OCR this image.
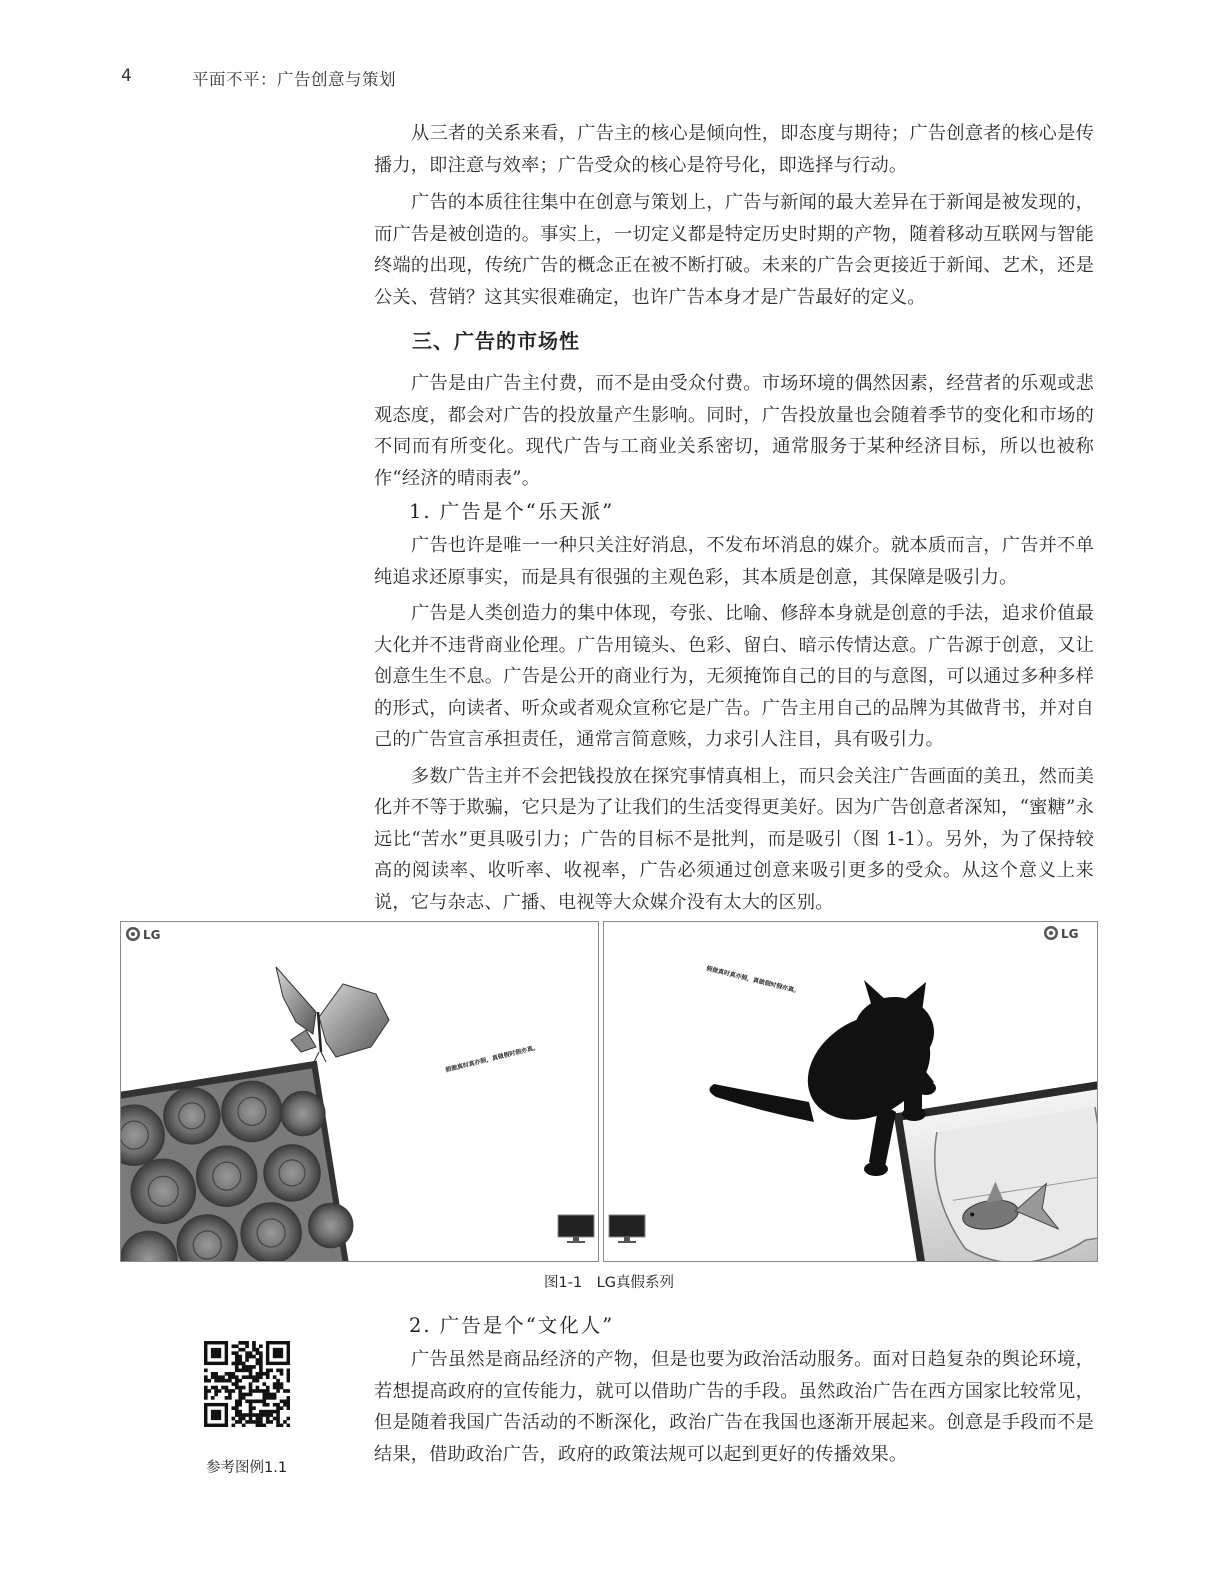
4	平面不平：广告创意与策划

从三者的关系来看，广告主的核心是倾向性，即态度与期待；广告创意者的核心是传播力，即注意与效率；广告受众的核心是符号化，即选择与行动。

广告的本质往往集中在创意与策划上，广告与新闻的最大差异在于新闻是被发现的，而广告是被创造的。事实上，一切定义都是特定历史时期的产物，随着移动互联网与智能终端的出现，传统广告的概念正在被不断打破。未来的广告会更接近于新闻、艺术，还是公关、营销？这其实很难确定，也许广告本身才是广告最好的定义。

三、广告的市场性

广告是由广告主付费，而不是由受众付费。市场环境的偶然因素，经营者的乐观或悲观态度，都会对广告的投放量产生影响。同时，广告投放量也会随着季节的变化和市场的不同而有所变化。现代广告与工商业关系密切，通常服务于某种经济目标，所以也被称作“经济的晴雨表”。

1. 广告是个“乐天派”

广告也许是唯一一种只关注好消息，不发布坏消息的媒介。就本质而言，广告并不单纯追求还原事实，而是具有很强的主观色彩，其本质是创意，其保障是吸引力。

广告是人类创造力的集中体现，夸张、比喻、修辞本身就是创意的手法，追求价值最大化并不违背商业伦理。广告用镜头、色彩、留白、暗示传情达意。广告源于创意，又让创意生生不息。广告是公开的商业行为，无须掩饰自己的目的与意图，可以通过多种多样的形式，向读者、听众或者观众宣称它是广告。广告主用自己的品牌为其做背书，并对自己的广告宣言承担责任，通常言简意赅，力求引人注目，具有吸引力。

多数广告主并不会把钱投放在探究事情真相上，而只会关注广告画面的美丑，然而美化并不等于欺骗，它只是为了让我们的生活变得更美好。因为广告创意者深知，“蜜糖”永远比“苦水”更具吸引力；广告的目标不是批判，而是吸引（图 1-1）。另外，为了保持较高的阅读率、收听率、收视率，广告必须通过创意来吸引更多的受众。从这个意义上来说，它与杂志、广播、电视等大众媒介没有太大的区别。

LG
假做真时真亦假，真做假时假亦真。
LG
假做真时真亦假，真做假时假亦真。
图1-1　LG真假系列
2. 广告是个“文化人”

广告虽然是商品经济的产物，但是也要为政治活动服务。面对日趋复杂的舆论环境，若想提高政府的宣传能力，就可以借助广告的手段。虽然政治广告在西方国家比较常见，但是随着我国广告活动的不断深化，政治广告在我国也逐渐开展起来。创意是手段而不是结果，借助政治广告，政府的政策法规可以起到更好的传播效果。

参考图例1.1
